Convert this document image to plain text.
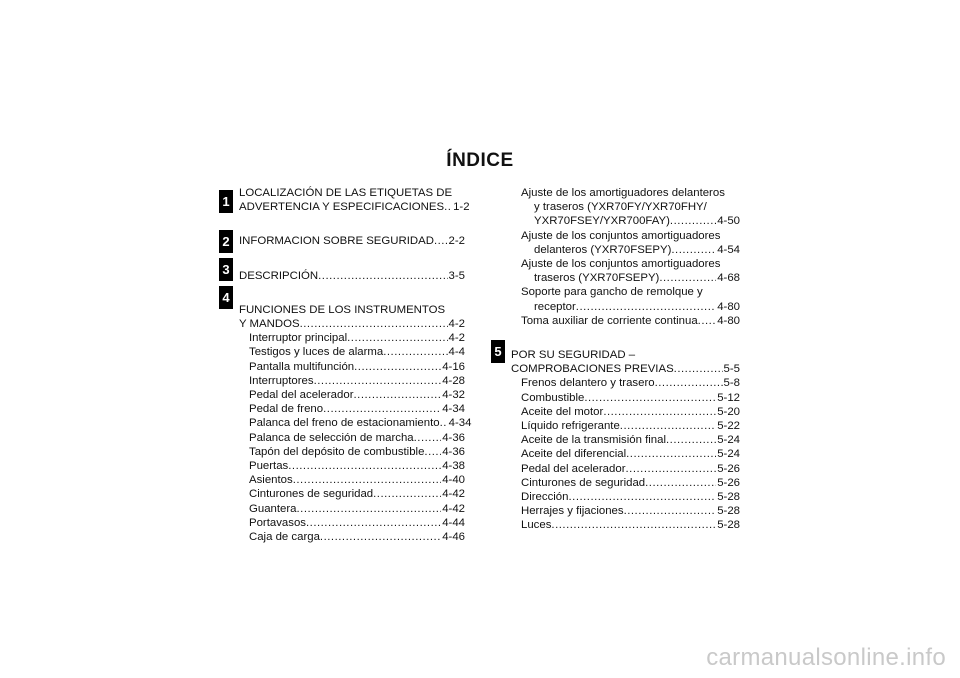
ÍNDICE
1
2
3
4
5
LOCALIZACIÓN DE LAS ETIQUETAS DE
ADVERTENCIA Y ESPECIFICACIONES ..... 1-2
INFORMACION SOBRE SEGURIDAD ..... 2-2
DESCRIPCIÓN .....	3-5
FUNCIONES DE LOS INSTRUMENTOS
Y MANDOS .....	4-2
Interruptor principal .....	4-2
Testigos y luces de alarma .....	4-4
Pantalla multifunción .....	4-16
Interruptores .....	4-28
Pedal del acelerador .....	4-32
Pedal de freno .....	4-34
Palanca del freno de estacionamiento ..... 4-34
Palanca de selección de marcha .....	4-36
Tapón del depósito de combustible ..... 4-36
Puertas .....	4-38
Asientos .....	4-40
Cinturones de seguridad .....	4-42
Guantera .....	4-42
Portavasos .....	4-44
Caja de carga .....	4-46
Ajuste de los amortiguadores delanteros
y traseros (YXR70FY/YXR70FHY/
YXR70FSEY/YXR700FAY) .....	4-50
Ajuste de los conjuntos amortiguadores
delanteros (YXR70FSEPY) .....	4-54
Ajuste de los conjuntos amortiguadores
traseros (YXR70FSEPY) .....	4-68
Soporte para gancho de remolque y
receptor .....	4-80
Toma auxiliar de corriente continua ..... 4-80
POR SU SEGURIDAD –
COMPROBACIONES PREVIAS .....	5-5
Frenos delantero y trasero .....	5-8
Combustible .....	5-12
Aceite del motor .....	5-20
Líquido refrigerante .....	5-22
Aceite de la transmisión final .....	5-24
Aceite del diferencial .....	5-24
Pedal del acelerador .....	5-26
Cinturones de seguridad .....	5-26
Dirección .....	5-28
Herrajes y fijaciones .....	5-28
Luces .....	5-28
carmanualsonline.info
